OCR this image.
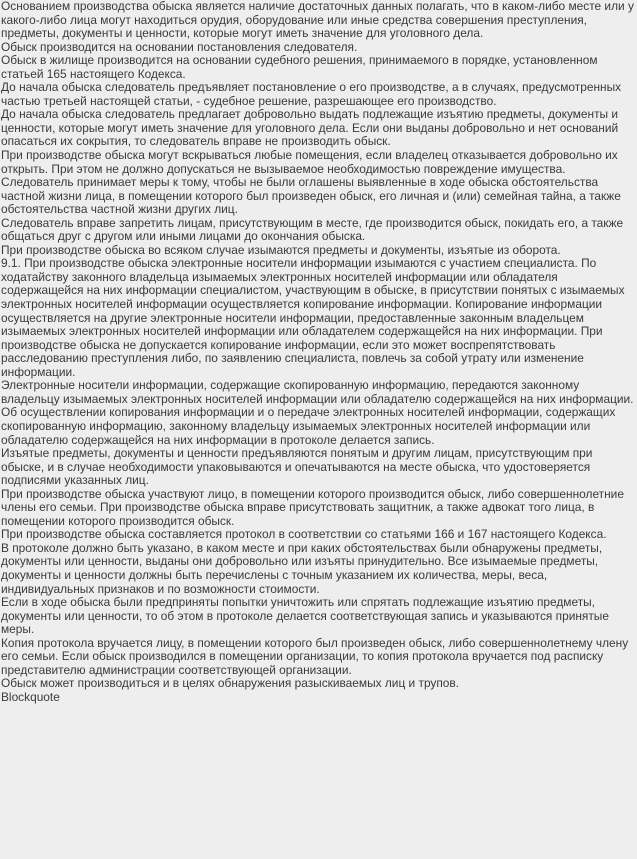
Основанием производства обыска является наличие достаточных данных полагать, что в каком-либо месте или у какого-либо лица могут находиться орудия, оборудование или иные средства совершения преступления, предметы, документы и ценности, которые могут иметь значение для уголовного дела.

Обыск производится на основании постановления следователя.

Обыск в жилище производится на основании судебного решения, принимаемого в порядке, установленном статьей 165 настоящего Кодекса.

До начала обыска следователь предъявляет постановление о его производстве, а в случаях, предусмотренных частью третьей настоящей статьи, - судебное решение, разрешающее его производство.

До начала обыска следователь предлагает добровольно выдать подлежащие изъятию предметы, документы и ценности, которые могут иметь значение для уголовного дела. Если они выданы добровольно и нет оснований опасаться их сокрытия, то следователь вправе не производить обыск.

При производстве обыска могут вскрываться любые помещения, если владелец отказывается добровольно их открыть. При этом не должно допускаться не вызываемое необходимостью повреждение имущества.

Следователь принимает меры к тому, чтобы не были оглашены выявленные в ходе обыска обстоятельства частной жизни лица, в помещении которого был произведен обыск, его личная и (или) семейная тайна, а также обстоятельства частной жизни других лиц.

Следователь вправе запретить лицам, присутствующим в месте, где производится обыск, покидать его, а также общаться друг с другом или иными лицами до окончания обыска.

При производстве обыска во всяком случае изымаются предметы и документы, изъятые из оборота.

9.1. При производстве обыска электронные носители информации изымаются с участием специалиста. По ходатайству законного владельца изымаемых электронных носителей информации или обладателя содержащейся на них информации специалистом, участвующим в обыске, в присутствии понятых с изымаемых электронных носителей информации осуществляется копирование информации. Копирование информации осуществляется на другие электронные носители информации, предоставленные законным владельцем изымаемых электронных носителей информации или обладателем содержащейся на них информации. При производстве обыска не допускается копирование информации, если это может воспрепятствовать расследованию преступления либо, по заявлению специалиста, повлечь за собой утрату или изменение информации.

Электронные носители информации, содержащие скопированную информацию, передаются законному владельцу изымаемых электронных носителей информации или обладателю содержащейся на них информации. Об осуществлении копирования информации и о передаче электронных носителей информации, содержащих скопированную информацию, законному владельцу изымаемых электронных носителей информации или обладателю содержащейся на них информации в протоколе делается запись.

Изъятые предметы, документы и ценности предъявляются понятым и другим лицам, присутствующим при обыске, и в случае необходимости упаковываются и опечатываются на месте обыска, что удостоверяется подписями указанных лиц.

При производстве обыска участвуют лицо, в помещении которого производится обыск, либо совершеннолетние члены его семьи. При производстве обыска вправе присутствовать защитник, а также адвокат того лица, в помещении которого производится обыск.

При производстве обыска составляется протокол в соответствии со статьями 166 и 167 настоящего Кодекса.

В протоколе должно быть указано, в каком месте и при каких обстоятельствах были обнаружены предметы, документы или ценности, выданы они добровольно или изъяты принудительно. Все изымаемые предметы, документы и ценности должны быть перечислены с точным указанием их количества, меры, веса, индивидуальных признаков и по возможности стоимости.

Если в ходе обыска были предприняты попытки уничтожить или спрятать подлежащие изъятию предметы, документы или ценности, то об этом в протоколе делается соответствующая запись и указываются принятые меры.

Копия протокола вручается лицу, в помещении которого был произведен обыск, либо совершеннолетнему члену его семьи. Если обыск производился в помещении организации, то копия протокола вручается под расписку представителю администрации соответствующей организации.

Обыск может производиться и в целях обнаружения разыскиваемых лиц и трупов.

Blockquote
